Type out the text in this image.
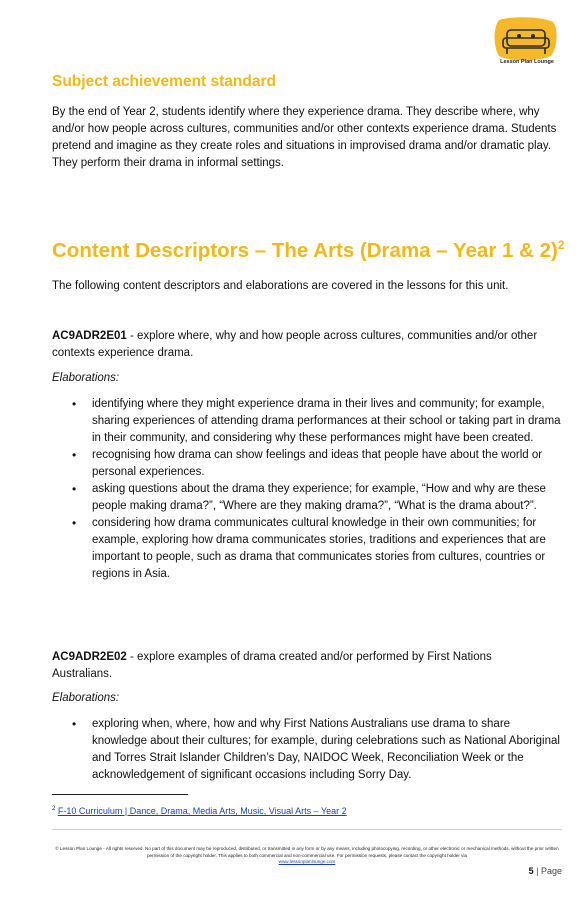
Lesson Plan Lounge
Subject achievement standard
By the end of Year 2, students identify where they experience drama. They describe where, why and/or how people across cultures, communities and/or other contexts experience drama. Students pretend and imagine as they create roles and situations in improvised drama and/or dramatic play. They perform their drama in informal settings.
Content Descriptors – The Arts (Drama – Year 1 & 2)$^2$
The following content descriptors and elaborations are covered in the lessons for this unit.
AC9ADR2E01 - explore where, why and how people across cultures, communities and/or other contexts experience drama.
Elaborations:
• identifying where they might experience drama in their lives and community; for example, sharing experiences of attending drama performances at their school or taking part in drama in their community, and considering why these performances might have been created.
• recognising how drama can show feelings and ideas that people have about the world or personal experiences.
• asking questions about the drama they experience; for example, “How and why are these people making drama?”, “Where are they making drama?”, “What is the drama about?”.
• considering how drama communicates cultural knowledge in their own communities; for example, exploring how drama communicates stories, traditions and experiences that are important to people, such as drama that communicates stories from cultures, countries or regions in Asia.
AC9ADR2E02 - explore examples of drama created and/or performed by First Nations Australians.
Elaborations:
• exploring when, where, how and why First Nations Australians use drama to share knowledge about their cultures; for example, during celebrations such as National Aboriginal and Torres Strait Islander Children’s Day, NAIDOC Week, Reconciliation Week or the acknowledgement of significant occasions including Sorry Day.
$^2$ F-10 Curriculum | Dance, Drama, Media Arts, Music, Visual Arts – Year 2
© Lesson Plan Lounge - All rights reserved. No part of this document may be reproduced, distributed, or transmitted in any form or by any means, including photocopying, recording, or other electronic or mechanical methods, without the prior written permission of the copyright holder. This applies to both commercial and non-commercial use. For permission requests, please contact the copyright holder via
www.lessonplanlounge.com
5 | Page
